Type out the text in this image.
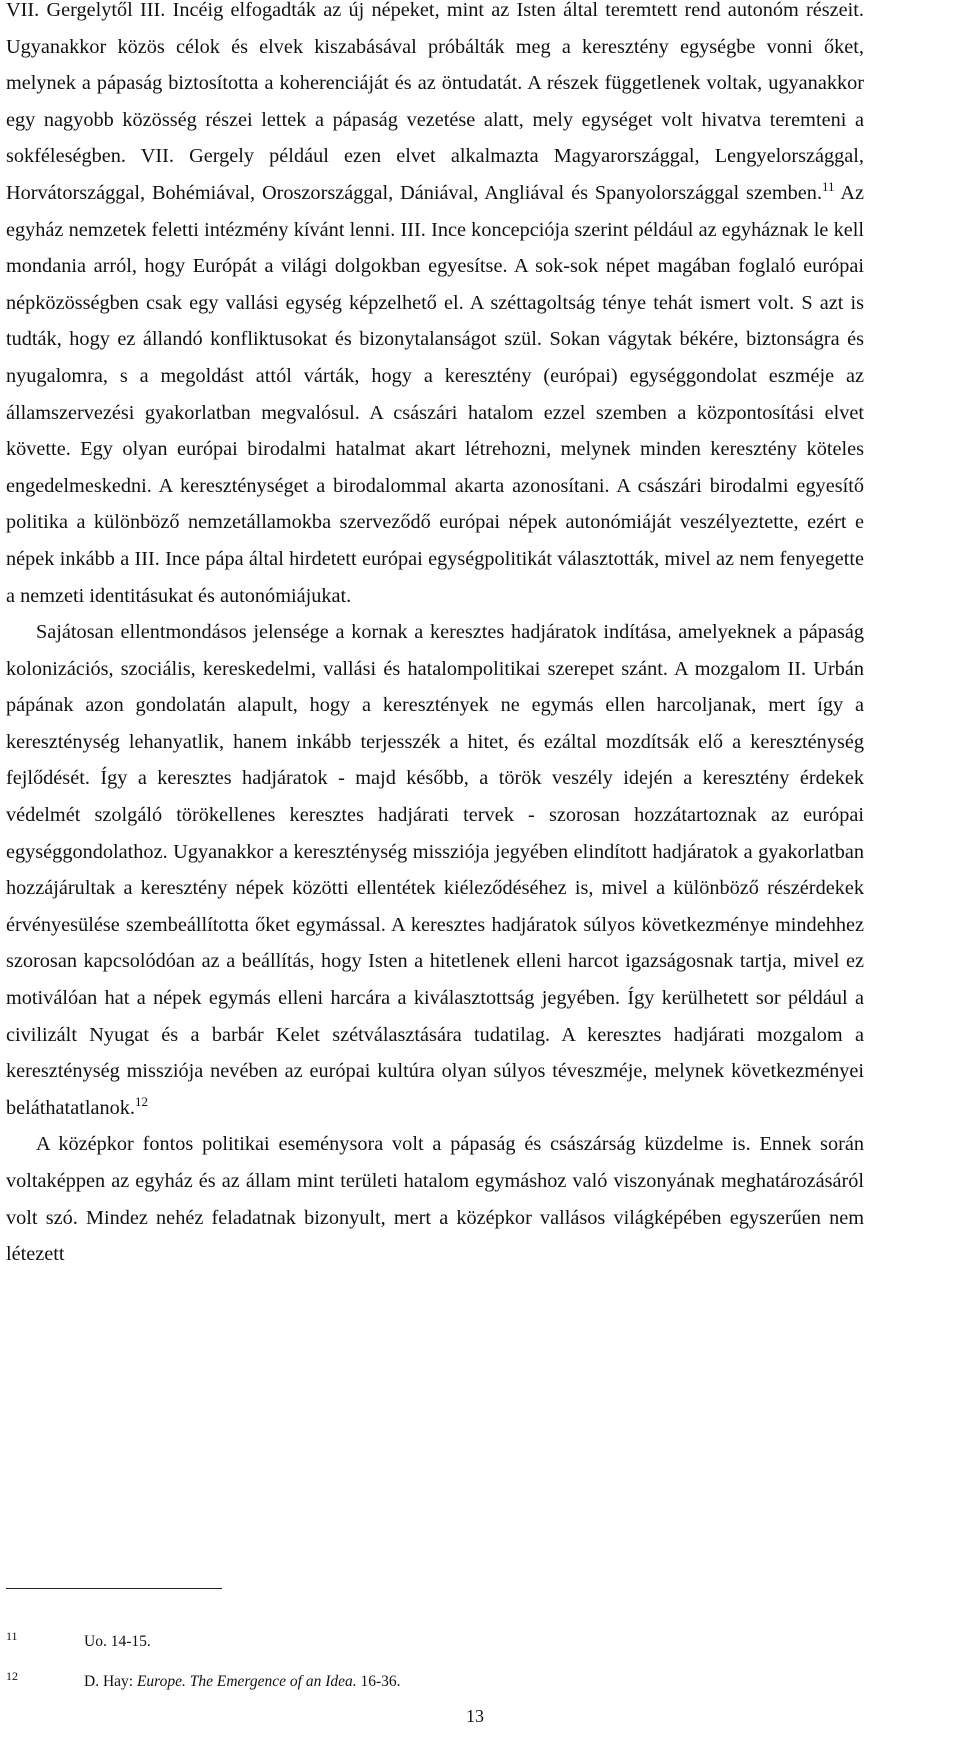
VII. Gergelytől III. Incéig elfogadták az új népeket, mint az Isten által teremtett rend autonóm részeit. Ugyanakkor közös célok és elvek kiszabásával próbálták meg a keresztény egységbe vonni őket, melynek a pápaság biztosította a koherenciáját és az öntudatát. A részek függetlenek voltak, ugyanakkor egy nagyobb közösség részei lettek a pápaság vezetése alatt, mely egységet volt hivatva teremteni a sokféleségben. VII. Gergely például ezen elvet alkalmazta Magyarországgal, Lengyelországgal, Horvátországgal, Bohémiával, Oroszországgal, Dániával, Angliával és Spanyolországgal szemben.$^{11}$ Az egyház nemzetek feletti intézmény kívánt lenni. III. Ince koncepciója szerint például az egyháznak le kell mondania arról, hogy Európát a világi dolgokban egyesítse. A sok-sok népet magában foglaló európai népközösségben csak egy vallási egység képzelhető el. A széttagoltság ténye tehát ismert volt. S azt is tudták, hogy ez állandó konfliktusokat és bizonytalanságot szül. Sokan vágytak békére, biztonságra és nyugalomra, s a megoldást attól várták, hogy a keresztény (európai) egységgondolat eszméje az államszervezési gyakorlatban megvalósul. A császári hatalom ezzel szemben a központosítási elvet követte. Egy olyan európai birodalmi hatalmat akart létrehozni, melynek minden keresztény köteles engedelmeskedni. A kereszténységet a birodalommal akarta azonosítani. A császári birodalmi egyesítő politika a különböző nemzetállamokba szerveződő európai népek autonómiáját veszélyeztette, ezért e népek inkább a III. Ince pápa által hirdetett európai egységpolitikát választották, mivel az nem fenyegette a nemzeti identitásukat és autonómiájukat.

Sajátosan ellentmondásos jelensége a kornak a keresztes hadjáratok indítása, amelyeknek a pápaság kolonizációs, szociális, kereskedelmi, vallási és hatalompolitikai szerepet szánt. A mozgalom II. Urbán pápának azon gondolatán alapult, hogy a keresztények ne egymás ellen harcoljanak, mert így a kereszténység lehanyatlik, hanem inkább terjesszék a hitet, és ezáltal mozdítsák elő a kereszténység fejlődését. Így a keresztes hadjáratok - majd később, a török veszély idején a keresztény érdekek védelmét szolgáló törökellenes keresztes hadjárati tervek - szorosan hozzátartoznak az európai egységgondolathoz. Ugyanakkor a kereszténység missziója jegyében elindított hadjáratok a gyakorlatban hozzájárultak a keresztény népek közötti ellentétek kiéleződéséhez is, mivel a különböző részérdekek érvényesülése szembeállította őket egymással. A keresztes hadjáratok súlyos következménye mindehhez szorosan kapcsolódóan az a beállítás, hogy Isten a hitetlenek elleni harcot igazságosnak tartja, mivel ez motiválóan hat a népek egymás elleni harcára a kiválasztottság jegyében. Így kerülhetett sor például a civilizált Nyugat és a barbár Kelet szétválasztására tudatilag. A keresztes hadjárati mozgalom a kereszténység missziója nevében az európai kultúra olyan súlyos téveszméje, melynek következményei beláthatatlanok.$^{12}$

A középkor fontos politikai eseménysora volt a pápaság és császárság küzdelme is. Ennek során voltaképpen az egyház és az állam mint területi hatalom egymáshoz való viszonyának meghatározásáról volt szó. Mindez nehéz feladatnak bizonyult, mert a középkor vallásos világképében egyszerűen nem létezett

11	Uo. 14-15.
12	D. Hay: Europe. The Emergence of an Idea. 16-36.
13
